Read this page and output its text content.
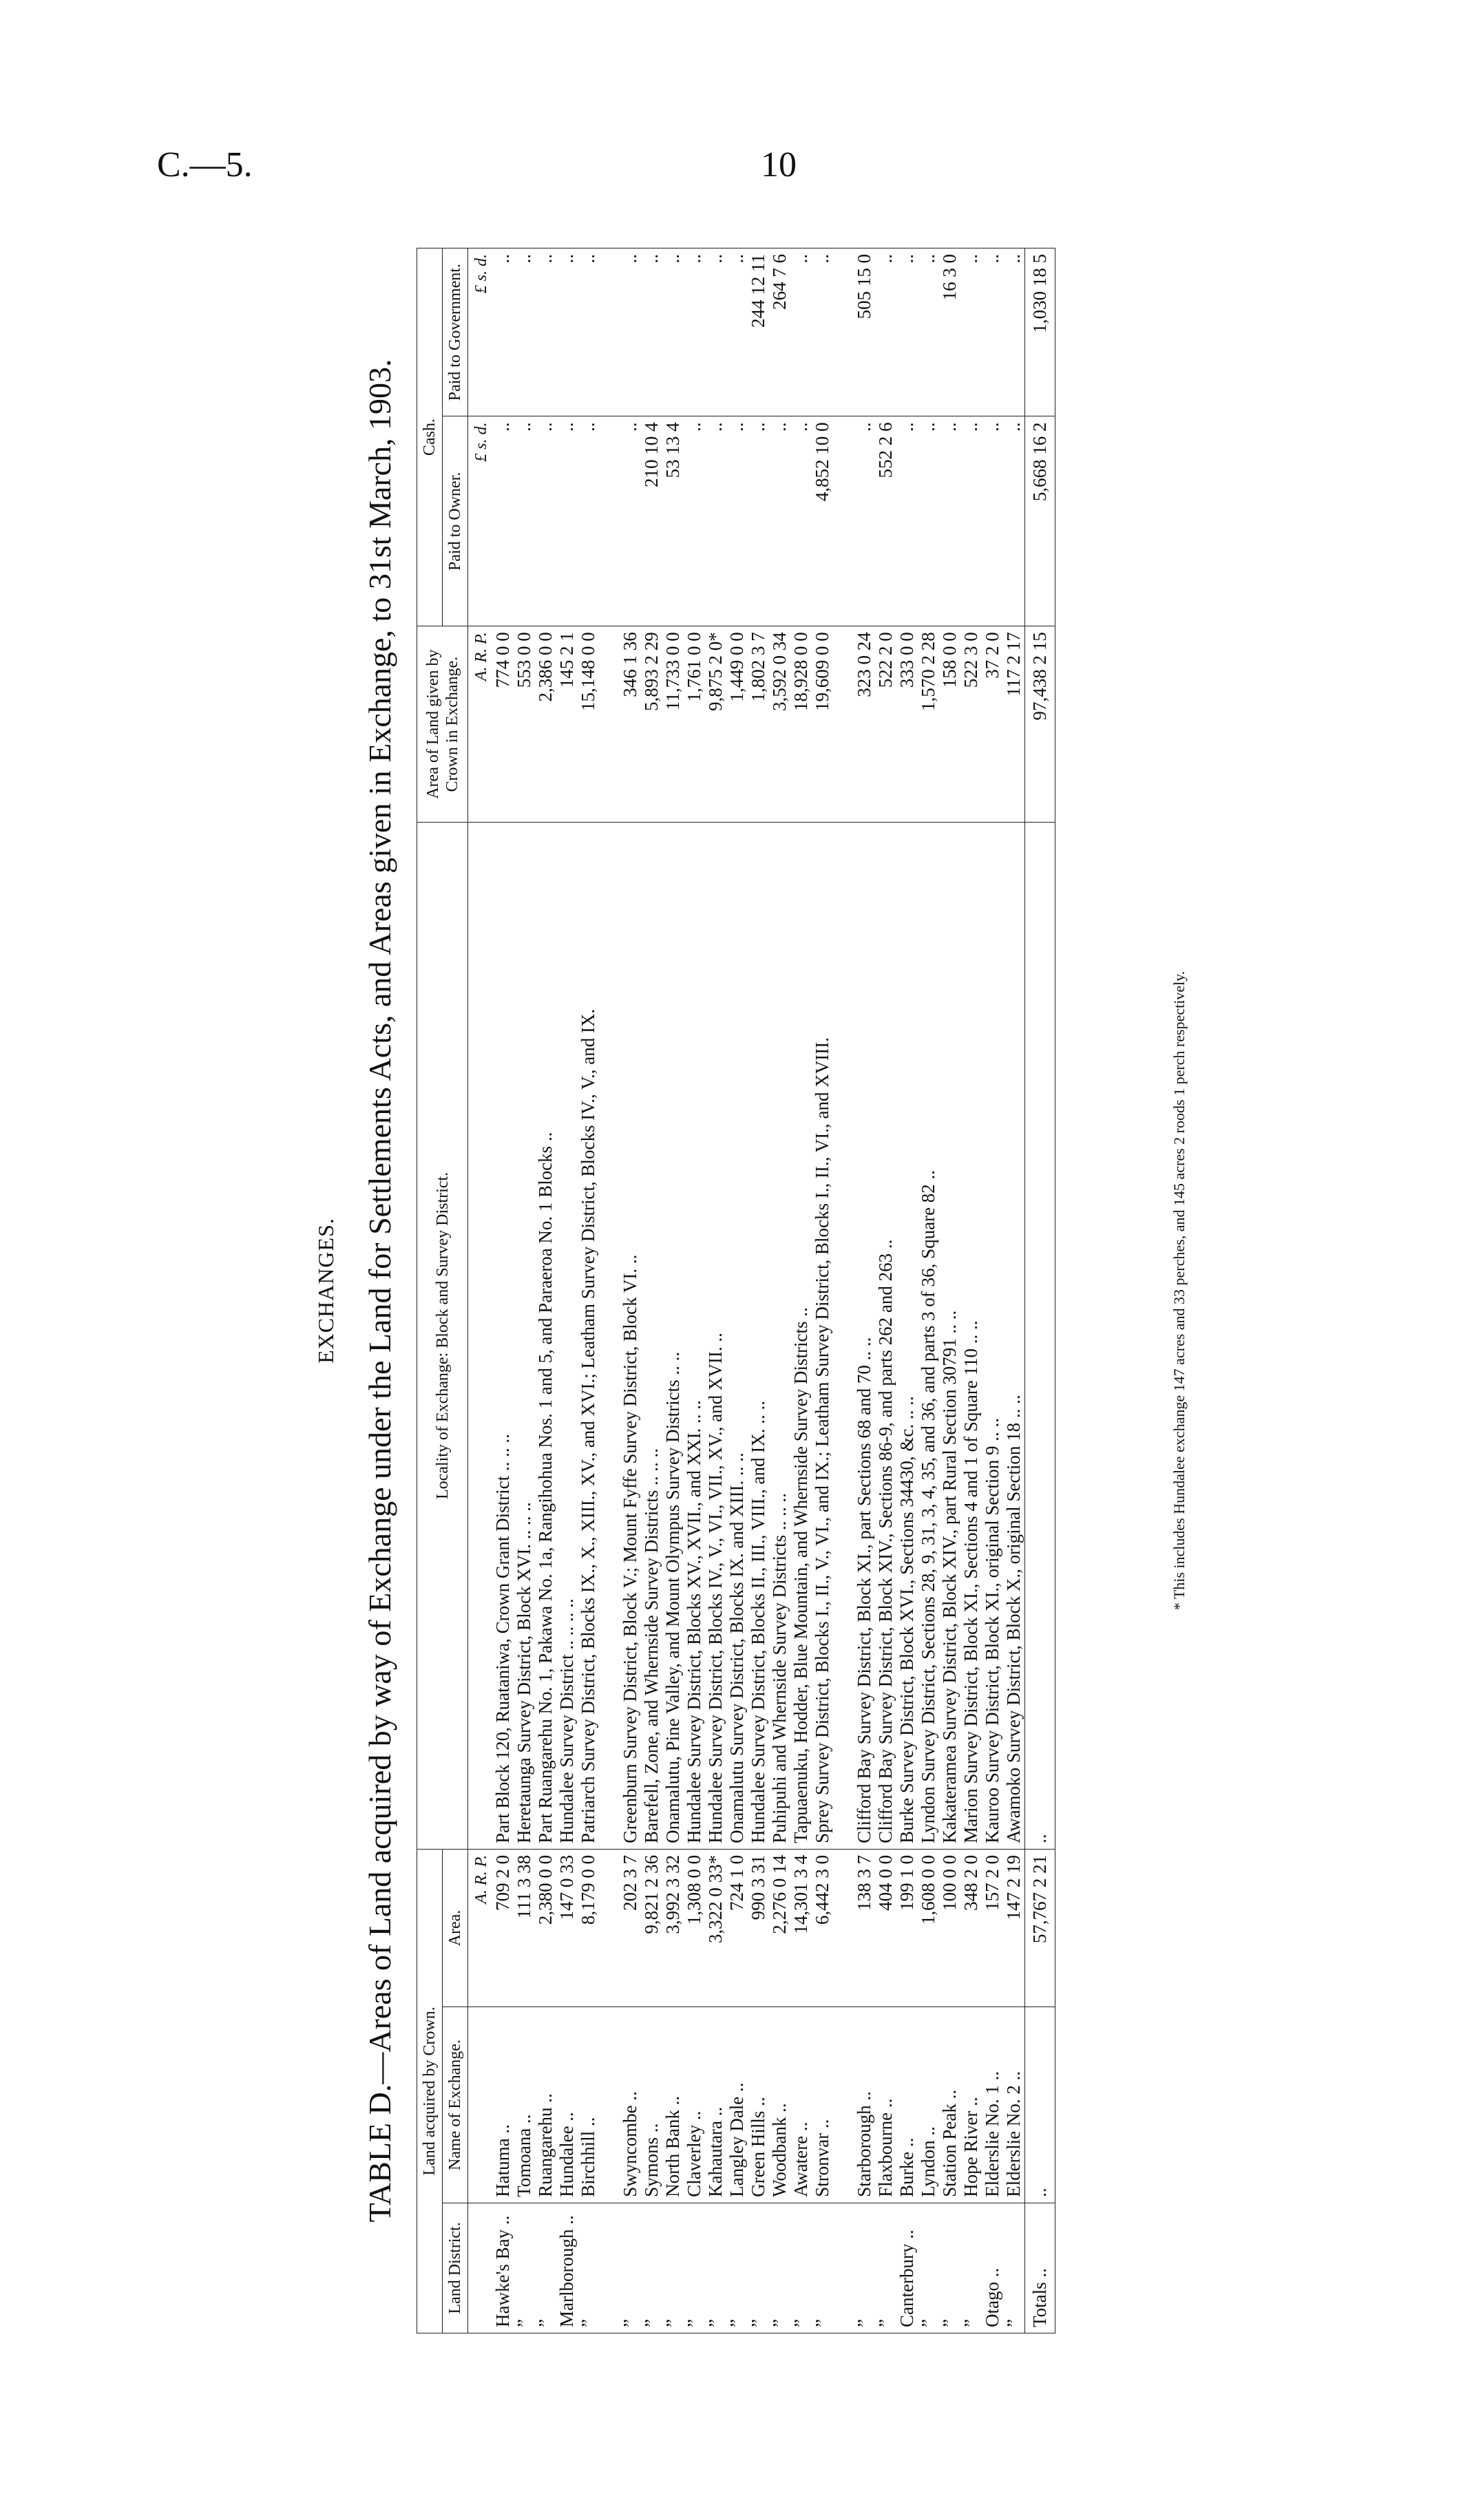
C.—5.	10
EXCHANGES. TABLE D.—Areas of Land acquired by way of Exchange under the Land for Settlements Acts, and Areas given in Exchange, to 31st March, 1903. Land acquired by Crown.			Locality of Exchange: Block and Survey District.	Area of Land given by Crown in Exchange.	Cash.	
Land District.	Name of Exchange.	Area.			Paid to Owner.	Paid to Government.
		A. R. P.		A. R. P.	£ s. d.	£ s. d.
Hawke's Bay ..	Hatuma ..	709 2 0	Part Block 120, Ruataniwa, Crown Grant District .. .. ..	774 0 0	..	..
”	Tomoana ..	111 3 38	Heretaunga Survey District, Block XVI. .. .. ..	553 0 0	..	..
”	Ruangarehu ..	2,380 0 0	Part Ruangarehu No. 1, Pakawa No. 1a, Rangihohua Nos. 1 and 5, and Paraeroa No. 1 Blocks ..	2,386 0 0	..	..
Marlborough ..	Hundalee ..	147 0 33	Hundalee Survey District .. .. .. ..	145 2 1	..	..
”	Birchhill ..	8,179 0 0	Patriarch Survey District, Blocks IX., X., XIII., XV., and XVI.; Leatham Survey District, Blocks IV., V., and IX.	15,148 0 0	..	..

”	Swyncombe ..	202 3 7	Greenburn Survey District, Block V.; Mount Fyffe Survey District, Block VI. ..	346 1 36	..	..
”	Symons ..	9,821 2 36	Barefell, Zone, and Whernside Survey Districts .. .. ..	5,893 2 29	210 10 4	..
”	North Bank ..	3,992 3 32	Onamalutu, Pine Valley, and Mount Olympus Survey Districts .. ..	11,733 0 0	53 13 4	..
”	Claverley ..	1,308 0 0	Hundalee Survey District, Blocks XV., XVII., and XXI. .. ..	1,761 0 0	..	..
”	Kahautara ..	3,322 0 33*	Hundalee Survey District, Blocks IV., V., VI., VII., XV., and XVII. ..	9,875 2 0*	..	..
”	Langley Dale ..	724 1 0	Onamalutu Survey District, Blocks IX. and XIII. .. ..	1,449 0 0	..	..
”	Green Hills ..	990 3 31	Hundalee Survey District, Blocks II., III., VIII., and IX. .. ..	1,802 3 7	..	244 12 11
”	Woodbank ..	2,276 0 14	Puhipuhi and Whernside Survey Districts .. .. ..	3,592 0 34	..	264 7 6
”	Awatere ..	14,301 3 4	Tapuaenuku, Hodder, Blue Mountain, and Whernside Survey Districts ..	18,928 0 0	..	..
”	Stronvar ..	6,442 3 0	Sprey Survey District, Blocks I., II., V., VI., and IX.; Leatham Survey District, Blocks I., II., VI., and XVIII.	19,609 0 0	4,852 10 0	..

”	Starborough ..	138 3 7	Clifford Bay Survey District, Block XI., part Sections 68 and 70 .. ..	323 0 24	..	505 15 0
”	Flaxbourne ..	404 0 0	Clifford Bay Survey District, Block XIV., Sections 86-9, and parts 262 and 263 ..	522 2 0	552 2 6	..
Canterbury ..	Burke ..	199 1 0	Burke Survey District, Block XVI., Sections 34430, &c. .. ..	333 0 0	..	..
”	Lyndon ..	1,608 0 0	Lyndon Survey District, Sections 28, 9, 31, 3, 4, 35, and 36, and parts 3 of 36, Square 82 ..	1,570 2 28	..	..
”	Station Peak ..	100 0 0	Kakateramea Survey District, Block XIV., part Rural Section 30791 .. ..	158 0 0	..	16 3 0
”	Hope River ..	348 2 0	Marion Survey District, Block XI., Sections 4 and 1 of Square 110 .. ..	522 3 0	..	..
Otago ..	Elderslie No. 1 ..	157 2 0	Kauroo Survey District, Block XI., original Section 9 .. ..	37 2 0	..	..
”	Elderslie No. 2 ..	147 2 19	Awamoko Survey District, Block X., original Section 18 .. ..	117 2 17	..	..
Totals ..	..	57,767 2 21	..	97,438 2 15	5,668 16 2	1,030 18 5
* This includes Hundalee exchange 147 acres and 33 perches, and 145 acres 2 roods 1 perch respectively.
